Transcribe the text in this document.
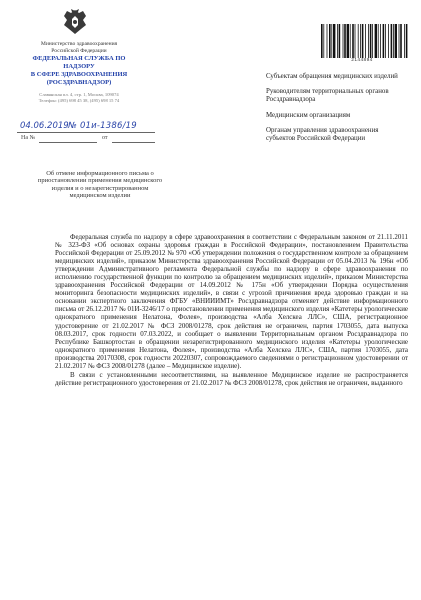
Министерство здравоохранения
Российской Федерации
ФЕДЕРАЛЬНАЯ СЛУЖБА ПО НАДЗОРУ
В СФЕРЕ ЗДРАВООХРАНЕНИЯ
(РОСЗДРАВНАДЗОР)
Славянская пл. 4, стр. 1, Москва, 109074
Телефон: (495) 698 45 38, (495) 698 15 74
04.06.2019 № 01и-1386/19
На №	от
Об отмене информационного письма о приостановлении применения медицинского изделия и о незарегистрированном медицинском изделии
2144894
Субъектам обращения медицинских изделий
Руководителям территориальных органов Росздравнадзора
Медицинским организациям
Органам управления здравоохранения субъектов Российской Федерации

Федеральная служба по надзору в сфере здравоохранения в соответствии с Федеральным законом от 21.11.2011 № 323-ФЗ «Об основах охраны здоровья граждан в Российской Федерации», постановлением Правительства Российской Федерации от 25.09.2012 № 970 «Об утверждении положения о государственном контроле за обращением медицинских изделий», приказом Министерства здравоохранения Российской Федерации от 05.04.2013 № 196н «Об утверждении Административного регламента Федеральной службы по надзору в сфере здравоохранения по исполнению государственной функции по контролю за обращением медицинских изделий», приказом Министерства здравоохранения Российской Федерации от 14.09.2012 № 175н «Об утверждении Порядка осуществления мониторинга безопасности медицинских изделий», в связи с угрозой причинения вреда здоровью граждан и на основании экспертного заключения ФГБУ «ВНИИИМТ» Росздравнадзора отменяет действие информационного письма от 26.12.2017 № 01И-3246/17 о приостановлении применения медицинского изделия «Катетеры урологические однократного применения Нелатона, Фолея», производства «Алба Хелскеа ЛЛС», США, регистрационное удостоверение от 21.02.2017 № ФСЗ 2008/01278, срок действия не ограничен, партия 1703055, дата выпуска 08.03.2017, срок годности 07.03.2022, и сообщает о выявлении Территориальным органом Росздравнадзора по Республике Башкортостан в обращении незарегистрированного медицинского изделия «Катетеры урологические однократного применения Нелатона, Фолея», производства «Алба Хелскеа ЛЛС», США, партия 1703055, дата производства 20170308, срок годности 20220307, сопровождаемого сведениями о регистрационном удостоверении от 21.02.2017 № ФСЗ 2008/01278 (далее – Медицинское изделие).

В связи с установленными несоответствиями, на выявленное Медицинское изделие не распространяется действие регистрационного удостоверения от 21.02.2017 № ФСЗ 2008/01278, срок действия не ограничен, выданного
